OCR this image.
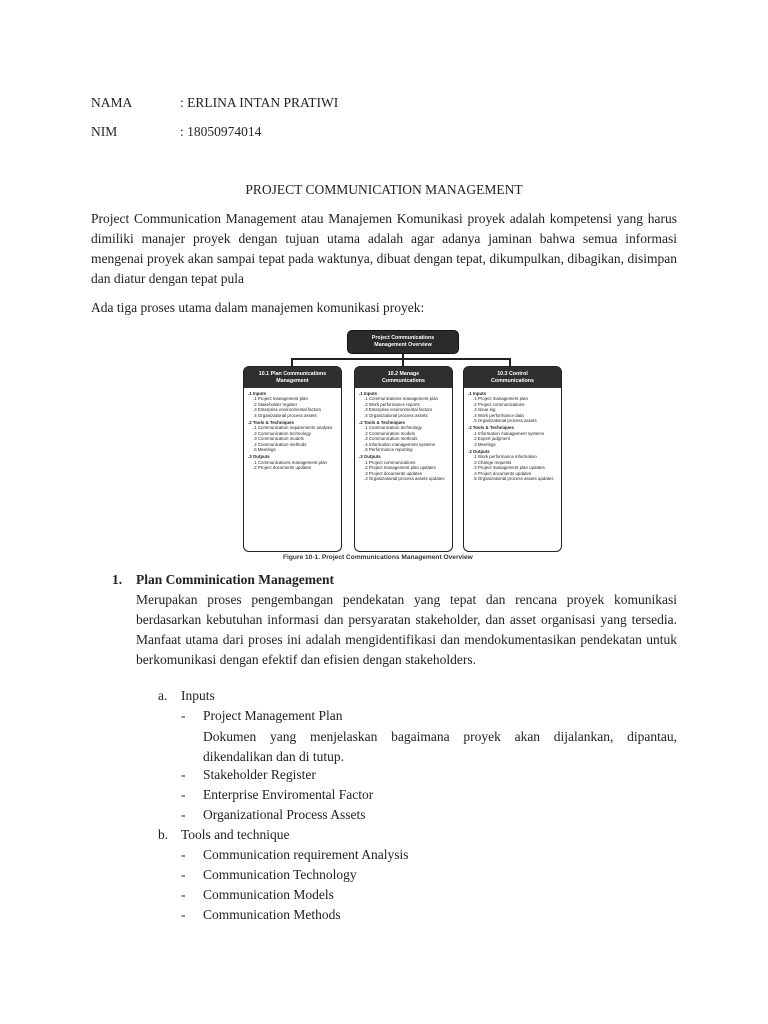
NAMA	: ERLINA INTAN PRATIWI
NIM	: 18050974014
PROJECT COMMUNICATION MANAGEMENT
Project Communication Management atau Manajemen Komunikasi proyek adalah kompetensi yang harus dimiliki manajer proyek dengan tujuan utama adalah agar adanya jaminan bahwa semua informasi mengenai proyek akan sampai tepat pada waktunya, dibuat dengan tepat, dikumpulkan, dibagikan, disimpan dan diatur dengan tepat pula
Ada tiga proses utama dalam manajemen komunikasi proyek:
Project Communications
Management Overview
10.1 Plan Communications
Management
.1 Inputs
.1 Project management plan
.2 Stakeholder register
.3 Enterprise environmental factors
.4 Organizational process assets
.2 Tools & Techniques
.1 Communication requirements analysis
.2 Communication technology
.3 Communication models
.4 Communication methods
.5 Meetings
.3 Outputs
.1 Communications management plan
.2 Project documents updates
10.2 Manage
Communications
.1 Inputs
.1 Communications management plan
.2 Work performance reports
.3 Enterprise environmental factors
.4 Organizational process assets
.2 Tools & Techniques
.1 Communication technology
.2 Communication models
.3 Communication methods
.4 Information management systems
.5 Performance reporting
.3 Outputs
.1 Project communications
.2 Project management plan updates
.3 Project documents updates
.4 Organizational process assets updates
10.3 Control
Communications
.1 Inputs
.1 Project management plan
.2 Project communications
.3 Issue log
.4 Work performance data
.5 Organizational process assets
.2 Tools & Techniques
.1 Information management systems
.2 Expert judgment
.3 Meetings
.3 Outputs
.1 Work performance information
.2 Change requests
.3 Project management plan updates
.4 Project documents updates
.5 Organizational process assets updates
Figure 10-1. Project Communications Management Overview
1. Plan Comminication Management
Merupakan proses pengembangan pendekatan yang tepat dan rencana proyek komunikasi berdasarkan kebutuhan informasi dan persyaratan stakeholder, dan asset organisasi yang tersedia. Manfaat utama dari proses ini adalah mengidentifikasi dan mendokumentasikan pendekatan untuk berkomunikasi dengan efektif dan efisien dengan stakeholders.
a. Inputs
- Project Management Plan
Dokumen yang menjelaskan bagaimana proyek akan dijalankan, dipantau, dikendalikan dan di tutup.
- Stakeholder Register
- Enterprise Enviromental Factor
- Organizational Process Assets
b. Tools and technique
- Communication requirement Analysis
- Communication Technology
- Communication Models
- Communication Methods
